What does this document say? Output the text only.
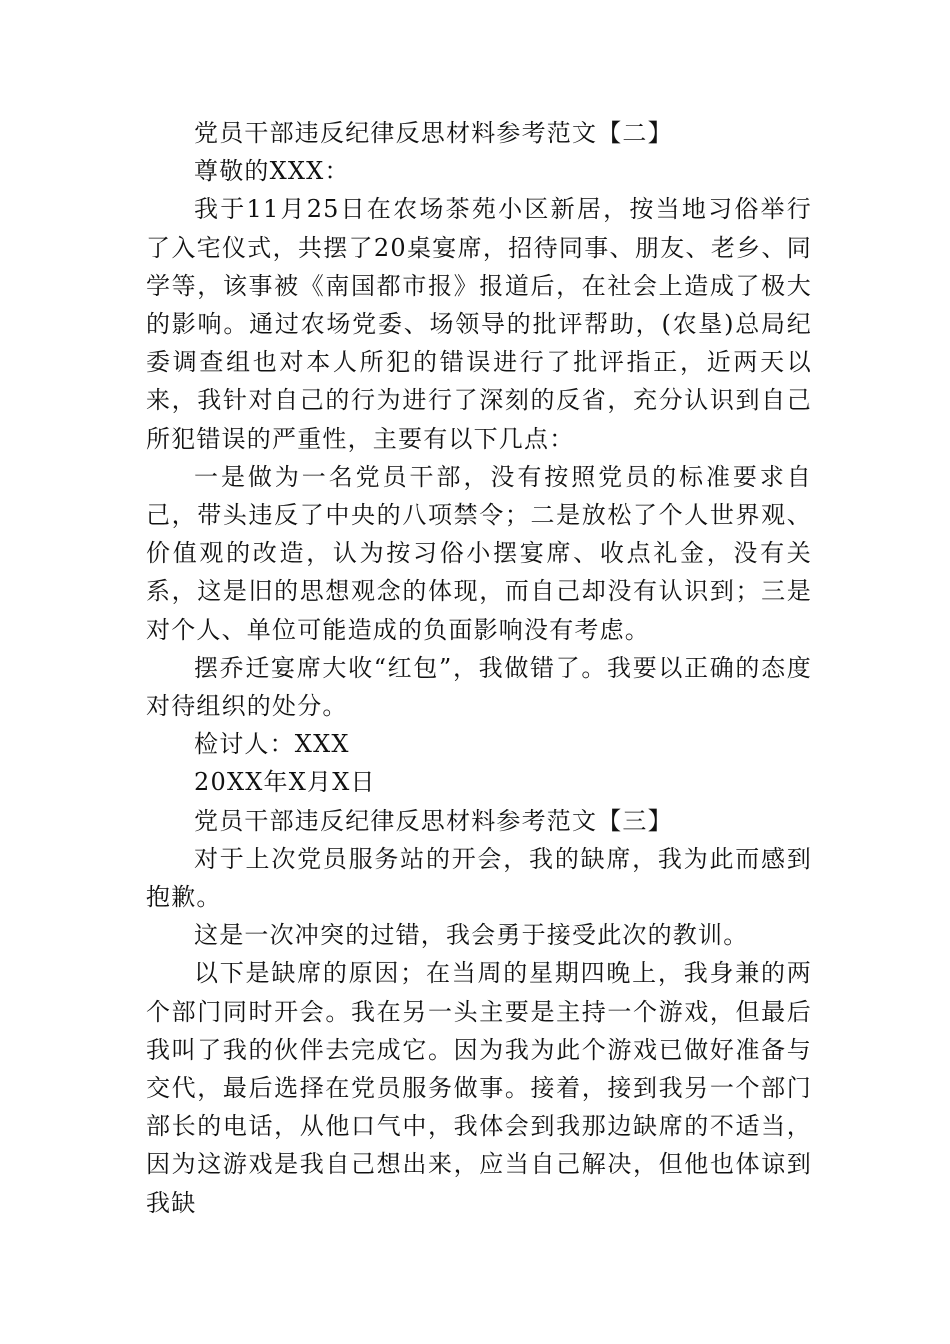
党员干部违反纪律反思材料参考范文【二】

尊敬的XXX：

我于11月25日在农场茶苑小区新居，按当地习俗举行了入宅仪式，共摆了20桌宴席，招待同事、朋友、老乡、同学等，该事被《南国都市报》报道后，在社会上造成了极大的影响。通过农场党委、场领导的批评帮助，(农垦)总局纪委调查组也对本人所犯的错误进行了批评指正，近两天以来，我针对自己的行为进行了深刻的反省，充分认识到自己所犯错误的严重性，主要有以下几点：

一是做为一名党员干部，没有按照党员的标准要求自己，带头违反了中央的八项禁令；二是放松了个人世界观、价值观的改造，认为按习俗小摆宴席、收点礼金，没有关系，这是旧的思想观念的体现，而自己却没有认识到；三是对个人、单位可能造成的负面影响没有考虑。

摆乔迁宴席大收“红包”，我做错了。我要以正确的态度对待组织的处分。

检讨人：XXX

20XX年X月X日

党员干部违反纪律反思材料参考范文【三】

对于上次党员服务站的开会，我的缺席，我为此而感到抱歉。

这是一次冲突的过错，我会勇于接受此次的教训。

以下是缺席的原因；在当周的星期四晚上，我身兼的两个部门同时开会。我在另一头主要是主持一个游戏，但最后我叫了我的伙伴去完成它。因为我为此个游戏已做好准备与交代，最后选择在党员服务做事。接着，接到我另一个部门部长的电话，从他口气中，我体会到我那边缺席的不适当，因为这游戏是我自己想出来，应当自己解决，但他也体谅到我缺
